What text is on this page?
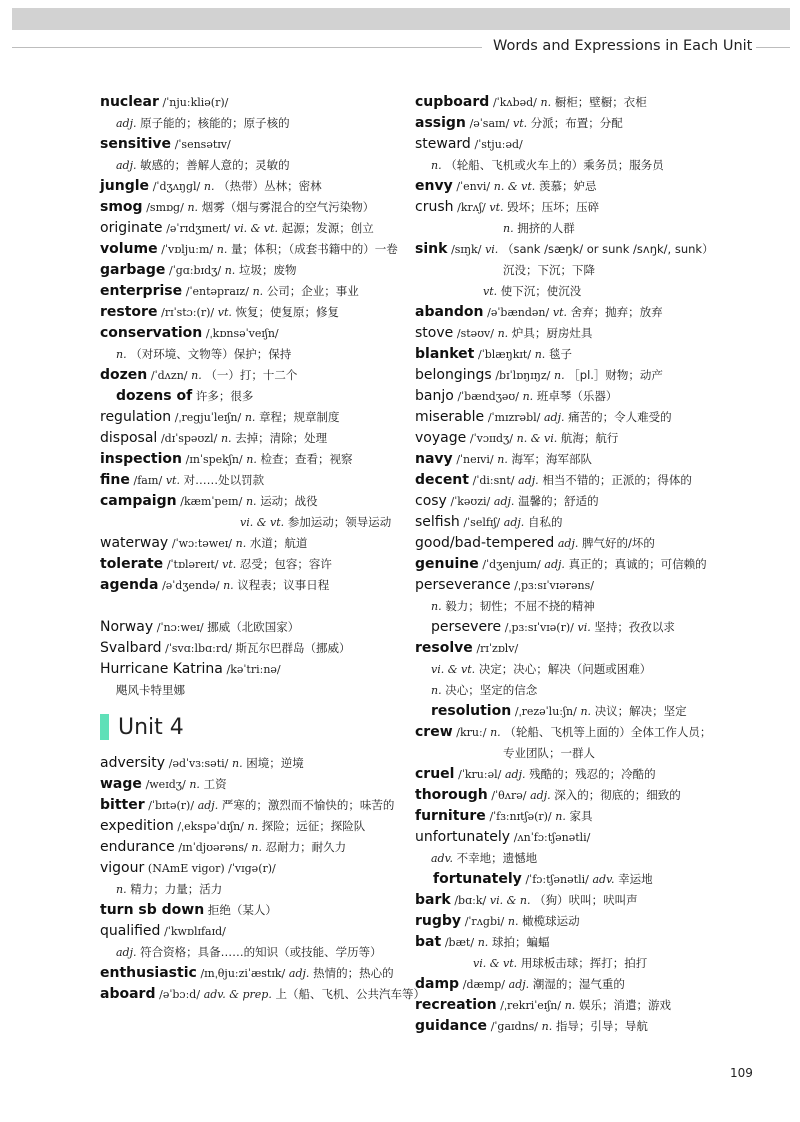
Words and Expressions in Each Unit
nuclear /ˈnjuːkliə(r)/
adj. 原子能的；核能的；原子核的
sensitive /ˈsensətɪv/
adj. 敏感的；善解人意的；灵敏的
jungle /ˈdʒʌŋgl/ n. （热带）丛林；密林
smog /smɒg/ n. 烟雾（烟与雾混合的空气污染物）
originate /əˈrɪdʒɪneɪt/ vi. & vt. 起源；发源；创立
volume /ˈvɒljuːm/ n. 量；体积；（成套书籍中的）一卷
garbage /ˈgɑːbɪdʒ/ n. 垃圾；废物
enterprise /ˈentəpraɪz/ n. 公司；企业；事业
restore /rɪˈstɔː(r)/ vt. 恢复；使复原；修复
conservation /ˌkɒnsəˈveɪʃn/
n. （对环境、文物等）保护；保持
dozen /ˈdʌzn/ n. （一）打；十二个
dozens of 许多；很多
regulation /ˌregjuˈleɪʃn/ n. 章程；规章制度
disposal /dɪˈspəʊzl/ n. 去掉；清除；处理
inspection /ɪnˈspekʃn/ n. 检查；查看；视察
fine /faɪn/ vt. 对……处以罚款
campaign /kæmˈpeɪn/ n. 运动；战役
vi. & vt. 参加运动；领导运动
waterway /ˈwɔːtəweɪ/ n. 水道；航道
tolerate /ˈtɒləreɪt/ vt. 忍受；包容；容许
agenda /əˈdʒendə/ n. 议程表；议事日程
Norway /ˈnɔːweɪ/ 挪威（北欧国家）
Svalbard /ˈsvɑːlbɑːrd/ 斯瓦尔巴群岛（挪威）
Hurricane Katrina /kəˈtriːnə/
飓风卡特里娜
Unit 4
adversity /ədˈvɜːsəti/ n. 困境；逆境
wage /weɪdʒ/ n. 工资
bitter /ˈbɪtə(r)/ adj. 严寒的；激烈而不愉快的；味苦的
expedition /ˌekspəˈdɪʃn/ n. 探险；远征；探险队
endurance /ɪnˈdjʊərəns/ n. 忍耐力；耐久力
vigour (NAmE vigor) /ˈvɪgə(r)/
n. 精力；力量；活力
turn sb down 拒绝（某人）
qualified /ˈkwɒlɪfaɪd/
adj. 符合资格；具备……的知识（或技能、学历等）
enthusiastic /ɪnˌθjuːziˈæstɪk/ adj. 热情的；热心的
aboard /əˈbɔːd/ adv. & prep. 上（船、飞机、公共汽车等）
cupboard /ˈkʌbəd/ n. 橱柜；壁橱；衣柜
assign /əˈsaɪn/ vt. 分派；布置；分配
steward /ˈstjuːəd/
n. （轮船、飞机或火车上的）乘务员；服务员
envy /ˈenvi/ n. & vt. 羡慕；妒忌
crush /krʌʃ/ vt. 毁坏；压坏；压碎
n. 拥挤的人群
sink /sɪŋk/ vi. （sank /sæŋk/ or sunk /sʌŋk/, sunk）
沉没；下沉；下降
vt. 使下沉；使沉没
abandon /əˈbændən/ vt. 舍弃；抛弃；放弃
stove /stəʊv/ n. 炉具；厨房灶具
blanket /ˈblæŋkɪt/ n. 毯子
belongings /bɪˈlɒŋɪŋz/ n. ［pl.］财物；动产
banjo /ˈbændʒəʊ/ n. 班卓琴（乐器）
miserable /ˈmɪzrəbl/ adj. 痛苦的；令人难受的
voyage /ˈvɔɪɪdʒ/ n. & vi. 航海；航行
navy /ˈneɪvi/ n. 海军；海军部队
decent /ˈdiːsnt/ adj. 相当不错的；正派的；得体的
cosy /ˈkəʊzi/ adj. 温馨的；舒适的
selfish /ˈselfɪʃ/ adj. 自私的
good/bad-tempered adj. 脾气好的/坏的
genuine /ˈdʒenjuɪn/ adj. 真正的；真诚的；可信赖的
perseverance /ˌpɜːsɪˈvɪərəns/
n. 毅力；韧性；不屈不挠的精神
persevere /ˌpɜːsɪˈvɪə(r)/ vi. 坚持；孜孜以求
resolve /rɪˈzɒlv/
vi. & vt. 决定；决心；解决（问题或困难）
n. 决心；坚定的信念
resolution /ˌrezəˈluːʃn/ n. 决议；解决；坚定
crew /kruː/ n. （轮船、飞机等上面的）全体工作人员；
专业团队；一群人
cruel /ˈkruːəl/ adj. 残酷的；残忍的；冷酷的
thorough /ˈθʌrə/ adj. 深入的；彻底的；细致的
furniture /ˈfɜːnɪtʃə(r)/ n. 家具
unfortunately /ʌnˈfɔːtʃənətli/
adv. 不幸地；遗憾地
fortunately /ˈfɔːtʃənətli/ adv. 幸运地
bark /bɑːk/ vi. & n. （狗）吠叫；吠叫声
rugby /ˈrʌgbi/ n. 橄榄球运动
bat /bæt/ n. 球拍；蝙蝠
vi. & vt. 用球板击球；挥打；拍打
damp /dæmp/ adj. 潮湿的；湿气重的
recreation /ˌrekriˈeɪʃn/ n. 娱乐；消遣；游戏
guidance /ˈgaɪdns/ n. 指导；引导；导航
109
